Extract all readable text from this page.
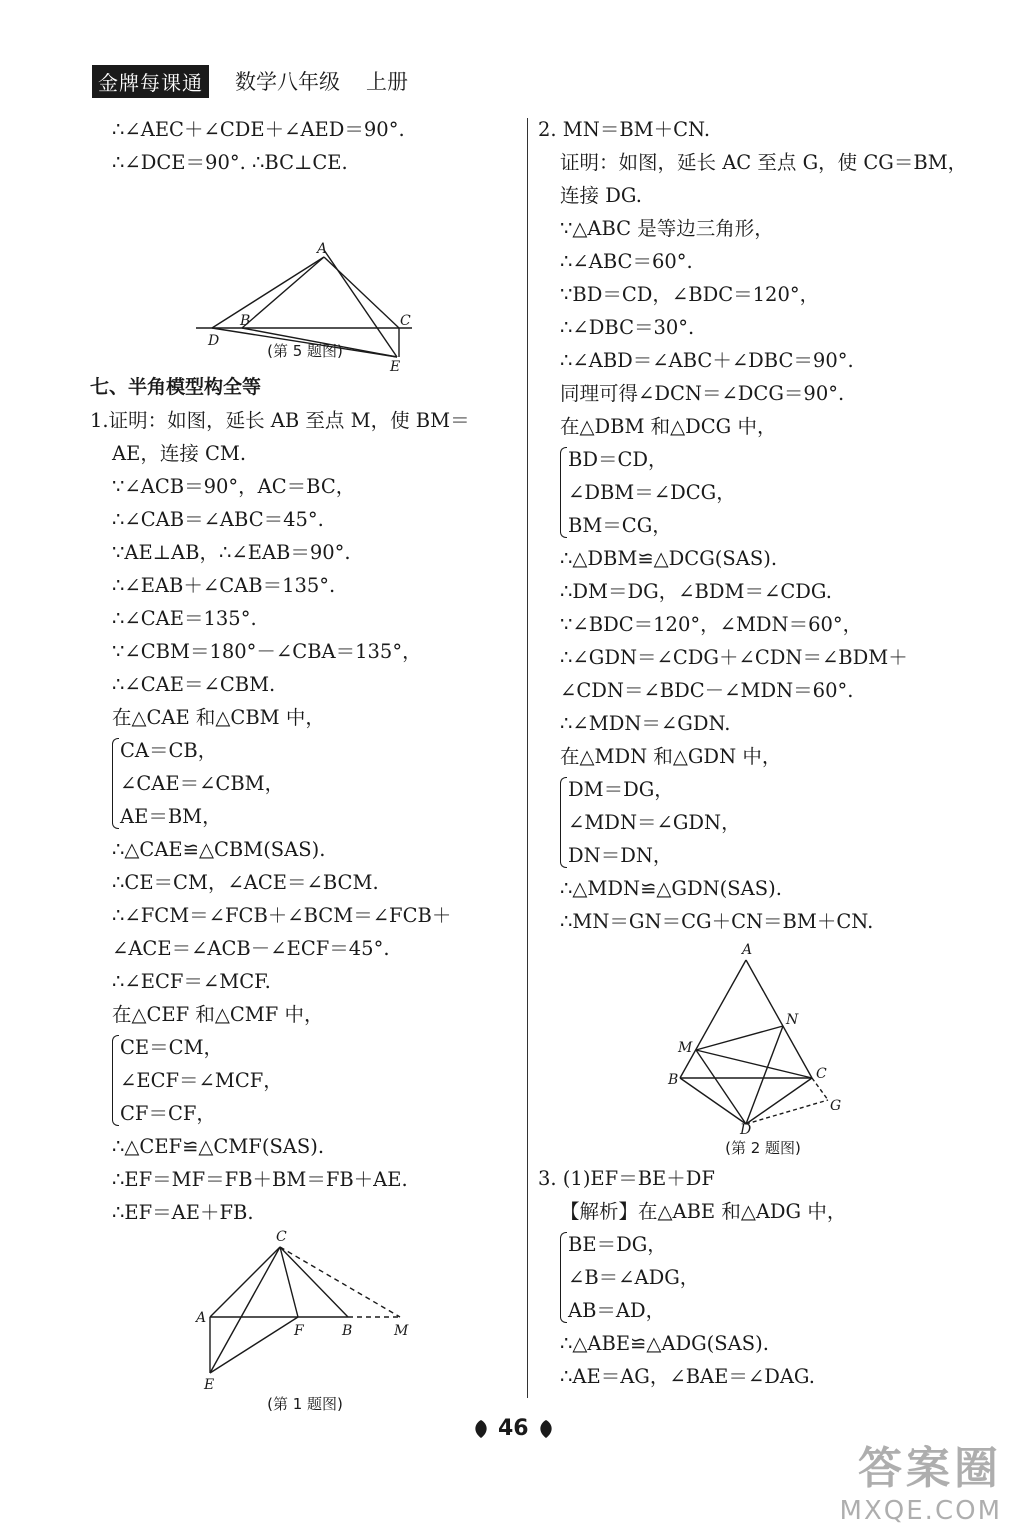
金牌每课通 数学八年级 上册
∴∠AEC＋∠CDE＋∠AED＝90°.
∴∠DCE＝90°. ∴BC⊥CE.
A
B	C
D
E
(第 5 题图)
七、半角模型构全等
1.证明：如图，延长 AB 至点 M，使 BM＝
AE，连接 CM.
∵∠ACB＝90°，AC＝BC，
∴∠CAB＝∠ABC＝45°.
∵AE⊥AB，∴∠EAB＝90°.
∴∠EAB＋∠CAB＝135°.
∴∠CAE＝135°.
∵∠CBM＝180°－∠CBA＝135°，
∴∠CAE＝∠CBM.
在△CAE 和△CBM 中，
CA＝CB，
∠CAE＝∠CBM，
AE＝BM，
∴△CAE≌△CBM(SAS).
∴CE＝CM，∠ACE＝∠BCM.
∴∠FCM＝∠FCB＋∠BCM＝∠FCB＋
∠ACE＝∠ACB－∠ECF＝45°.
∴∠ECF＝∠MCF.
在△CEF 和△CMF 中，
CE＝CM，
∠ECF＝∠MCF，
CF＝CF，
∴△CEF≌△CMF(SAS).
∴EF＝MF＝FB＋BM＝FB＋AE.
∴EF＝AE＋FB.
C
A
F	B	M
E
(第 1 题图)
2. MN＝BM＋CN.
证明：如图，延长 AC 至点 G，使 CG＝BM，
连接 DG.
∵△ABC 是等边三角形，
∴∠ABC＝60°.
∵BD＝CD，∠BDC＝120°，
∴∠DBC＝30°.
∴∠ABD＝∠ABC＋∠DBC＝90°.
同理可得∠DCN＝∠DCG＝90°.
在△DBM 和△DCG 中，
BD＝CD，
∠DBM＝∠DCG，
BM＝CG，
∴△DBM≌△DCG(SAS).
∴DM＝DG，∠BDM＝∠CDG.
∵∠BDC＝120°，∠MDN＝60°，
∴∠GDN＝∠CDG＋∠CDN＝∠BDM＋
∠CDN＝∠BDC－∠MDN＝60°.
∴∠MDN＝∠GDN.
在△MDN 和△GDN 中，
DM＝DG，
∠MDN＝∠GDN，
DN＝DN，
∴△MDN≌△GDN(SAS).
∴MN＝GN＝CG＋CN＝BM＋CN.
A
N
M
B	C
G
D
(第 2 题图)
3. (1)EF＝BE＋DF
【解析】在△ABE 和△ADG 中，
BE＝DG，
∠B＝∠ADG，
AB＝AD，
∴△ABE≌△ADG(SAS).
∴AE＝AG，∠BAE＝∠DAG.
46
答案圈
MXQE.COM
